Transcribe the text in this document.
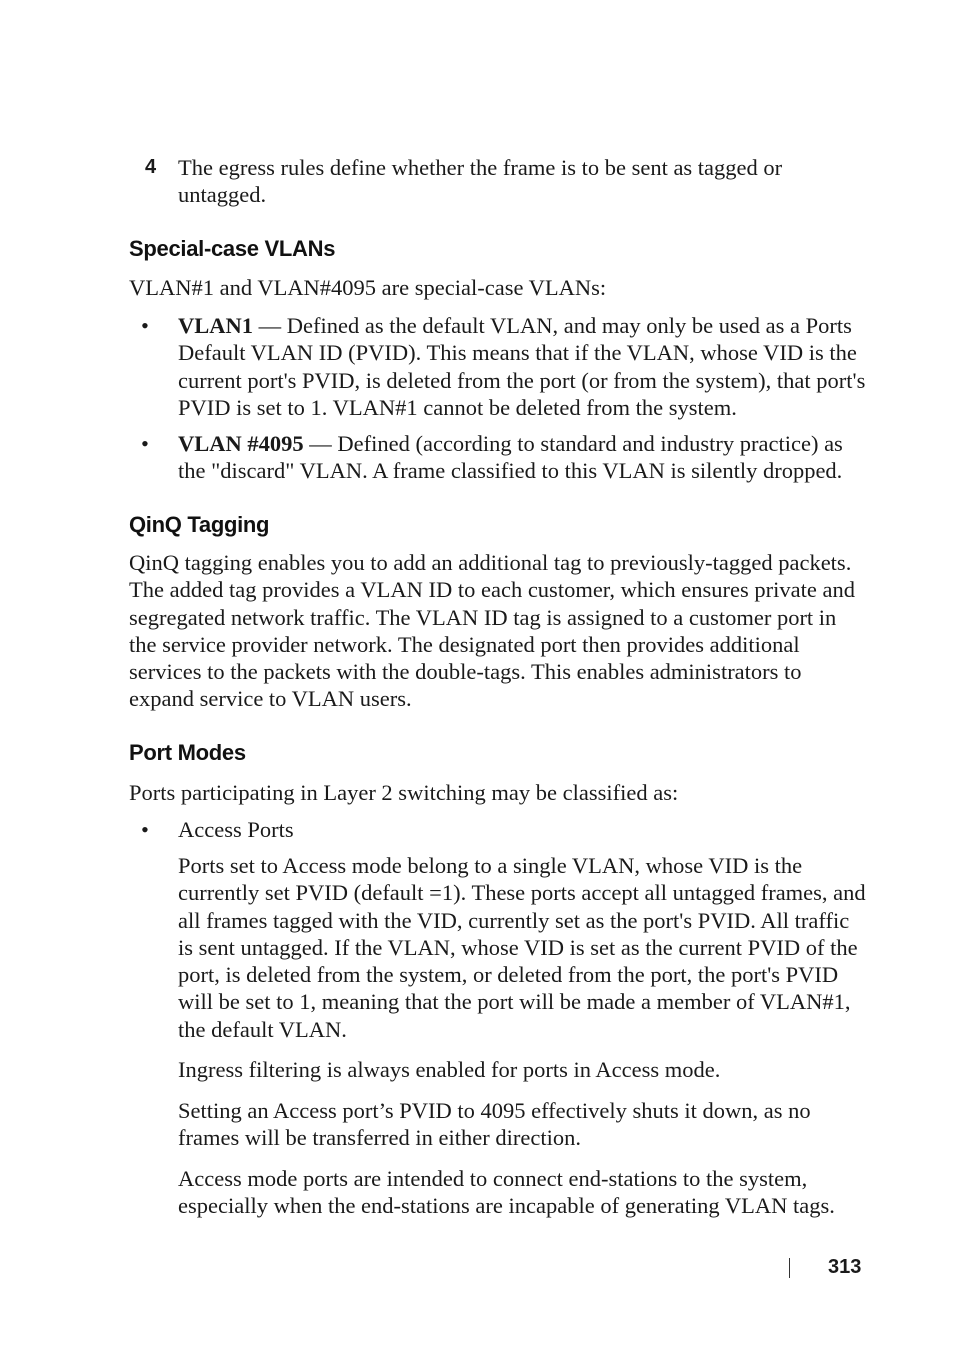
4 The egress rules define whether the frame is to be sent as tagged or untagged.
Special-case VLANs

VLAN#1 and VLAN#4095 are special-case VLANs:

• VLAN1 — Defined as the default VLAN, and may only be used as a Ports Default VLAN ID (PVID). This means that if the VLAN, whose VID is the current port's PVID, is deleted from the port (or from the system), that port's PVID is set to 1. VLAN#1 cannot be deleted from the system.
• VLAN #4095 — Defined (according to standard and industry practice) as the "discard" VLAN. A frame classified to this VLAN is silently dropped.
QinQ Tagging

QinQ tagging enables you to add an additional tag to previously-tagged packets. The added tag provides a VLAN ID to each customer, which ensures private and segregated network traffic. The VLAN ID tag is assigned to a customer port in the service provider network. The designated port then provides additional services to the packets with the double-tags. This enables administrators to expand service to VLAN users.

Port Modes

Ports participating in Layer 2 switching may be classified as:

• Access Ports

Ports set to Access mode belong to a single VLAN, whose VID is the currently set PVID (default =1). These ports accept all untagged frames, and all frames tagged with the VID, currently set as the port's PVID. All traffic is sent untagged. If the VLAN, whose VID is set as the current PVID of the port, is deleted from the system, or deleted from the port, the port's PVID will be set to 1, meaning that the port will be made a member of VLAN#1, the default VLAN.

Ingress filtering is always enabled for ports in Access mode.

Setting an Access port’s PVID to 4095 effectively shuts it down, as no frames will be transferred in either direction.

Access mode ports are intended to connect end-stations to the system, especially when the end-stations are incapable of generating VLAN tags.

313
